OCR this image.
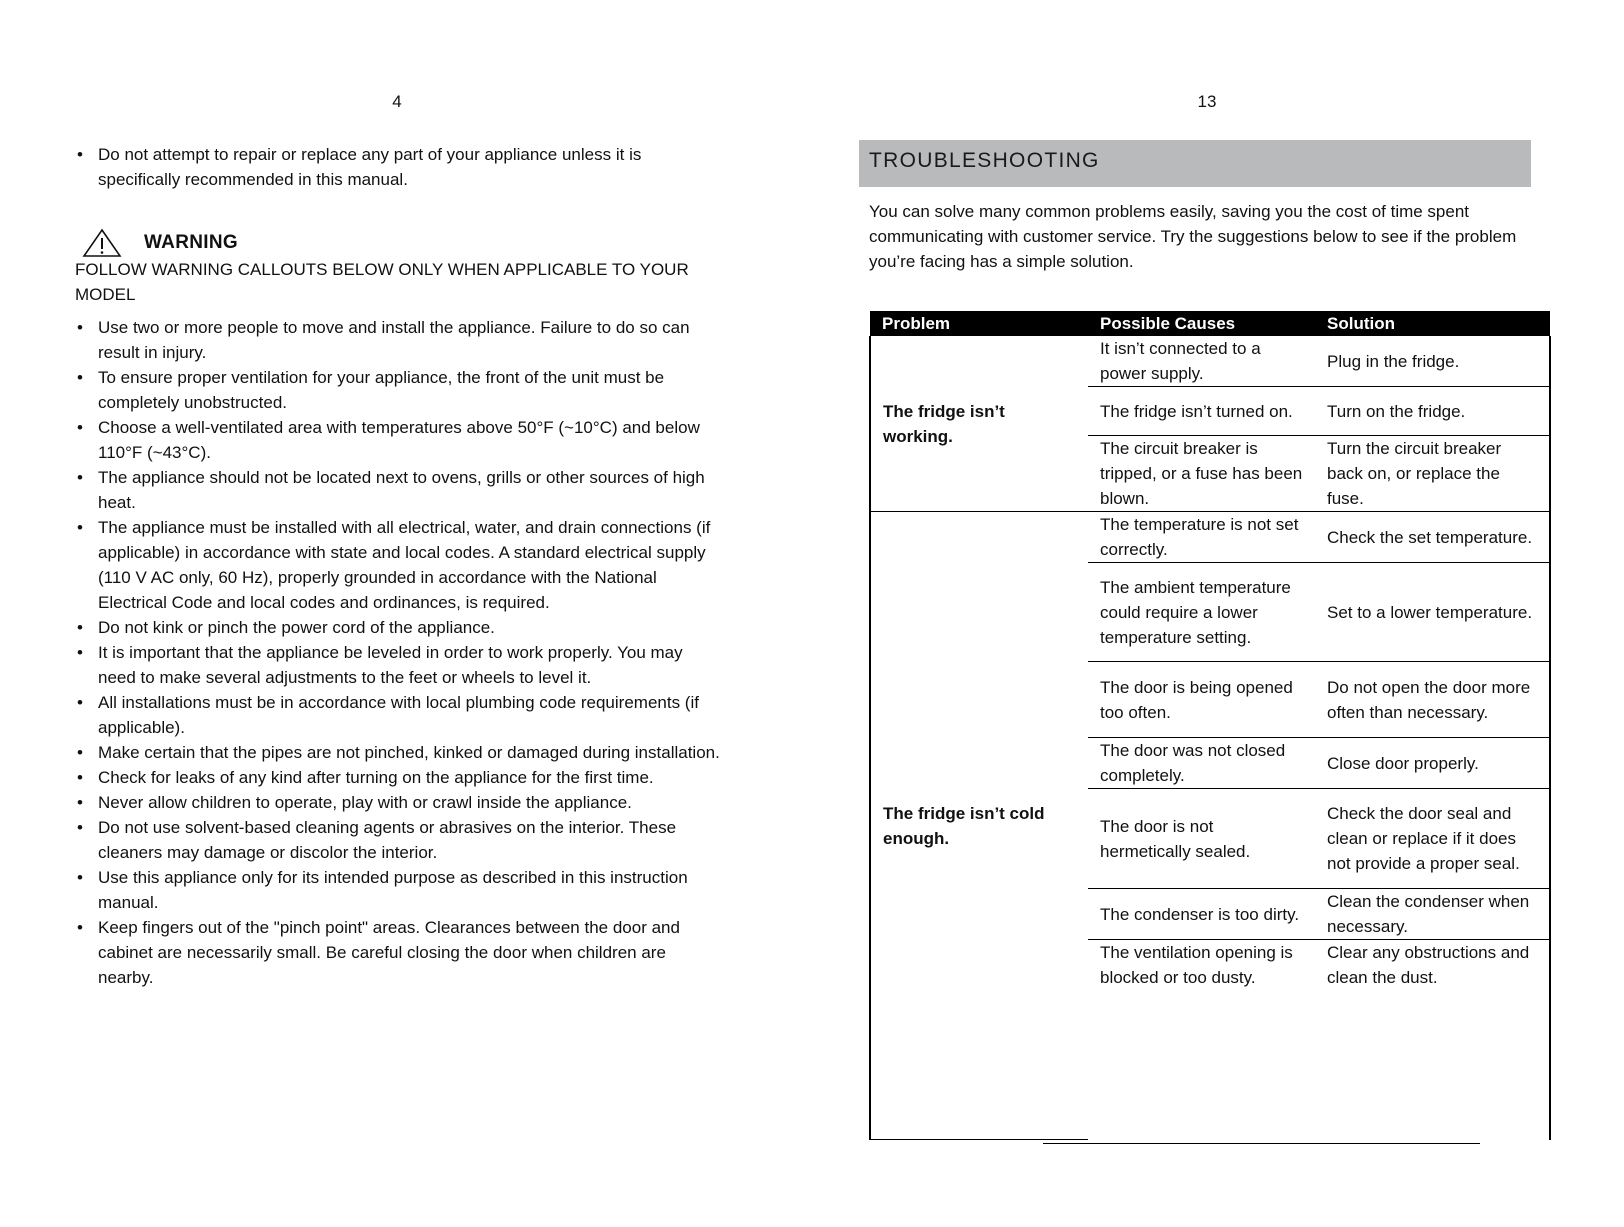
4
• Do not attempt to repair or replace any part of your appliance unless it is specifically recommended in this manual.
WARNING
FOLLOW WARNING CALLOUTS BELOW ONLY WHEN APPLICABLE TO YOUR MODEL
• Use two or more people to move and install the appliance. Failure to do so can result in injury.
• To ensure proper ventilation for your appliance, the front of the unit must be completely unobstructed.
• Choose a well-ventilated area with temperatures above 50°F (~10°C) and below 110°F (~43°C).
• The appliance should not be located next to ovens, grills or other sources of high heat.
• The appliance must be installed with all electrical, water, and drain connections (if applicable) in accordance with state and local codes. A standard electrical supply (110 V AC only, 60 Hz), properly grounded in accordance with the National Electrical Code and local codes and ordinances, is required.
• Do not kink or pinch the power cord of the appliance.
• It is important that the appliance be leveled in order to work properly. You may need to make several adjustments to the feet or wheels to level it.
• All installations must be in accordance with local plumbing code requirements (if applicable).
• Make certain that the pipes are not pinched, kinked or damaged during installation.
• Check for leaks of any kind after turning on the appliance for the first time.
• Never allow children to operate, play with or crawl inside the appliance.
• Do not use solvent-based cleaning agents or abrasives on the interior. These cleaners may damage or discolor the interior.
• Use this appliance only for its intended purpose as described in this instruction manual.
• Keep fingers out of the "pinch point" areas. Clearances between the door and cabinet are necessarily small. Be careful closing the door when children are nearby.
13
TROUBLESHOOTING
You can solve many common problems easily, saving you the cost of time spent communicating with customer service. Try the suggestions below to see if the problem you’re facing has a simple solution.
Problem	Possible Causes	Solution
The fridge isn’t working.	It isn’t connected to a power supply.	Plug in the fridge.
	The fridge isn’t turned on.	Turn on the fridge.
	The circuit breaker is tripped, or a fuse has been blown.	Turn the circuit breaker back on, or replace the fuse.
The fridge isn’t cold enough.	The temperature is not set correctly.	Check the set temperature.
	The ambient temperature could require a lower temperature setting.	Set to a lower temperature.
	The door is being opened too often.	Do not open the door more often than necessary.
	The door was not closed completely.	Close door properly.
	The door is not hermetically sealed.	Check the door seal and clean or replace if it does not provide a proper seal.
	The condenser is too dirty.	Clean the condenser when necessary.
	The ventilation opening is blocked or too dusty.	Clear any obstructions and clean the dust.
